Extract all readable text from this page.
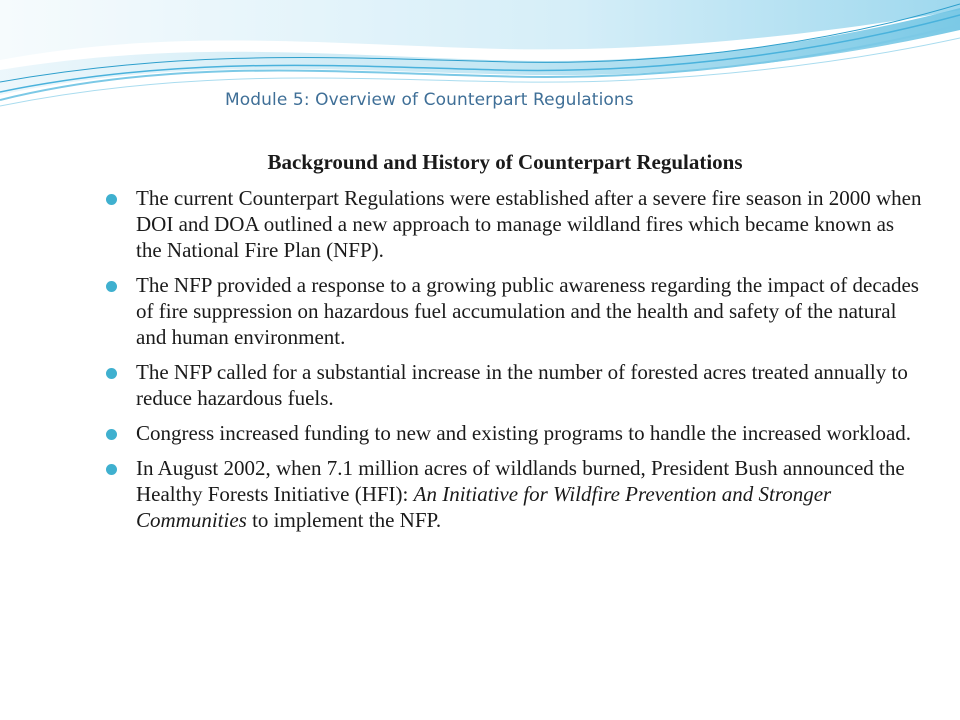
Module 5: Overview of Counterpart Regulations
Background and History of Counterpart Regulations
The current Counterpart Regulations were established after a severe fire season in 2000 when DOI and DOA outlined a new approach to manage wildland fires which became known as the National Fire Plan (NFP).
The NFP provided a response to a growing public awareness regarding the impact of decades of fire suppression on hazardous fuel accumulation and the health and safety of the natural and human environment.
The NFP called for a substantial increase in the number of forested acres treated annually to reduce hazardous fuels.
Congress increased funding to new and existing programs to handle the increased workload.
In August 2002, when 7.1 million acres of wildlands burned, President Bush announced the Healthy Forests Initiative (HFI): An Initiative for Wildfire Prevention and Stronger Communities to implement the NFP.
